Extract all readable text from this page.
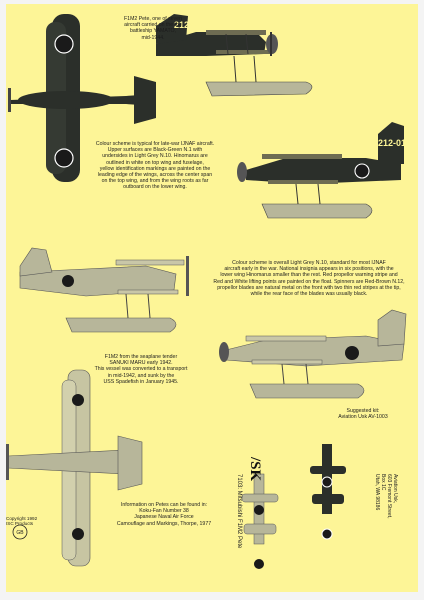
GB
212-01
212-01
F1M2 Pete, one of seven
aircraft carried on the the
battleship YAMATO,
mid-1944.
Colour scheme is typical for late-war IJNAF aircraft.
Upper surfaces are Black-Green N.1 with
undersides in Light Grey N.10. Hinomarus are
outlined in white on top wing and fuselage,
yellow identification markings are painted on the
leading edge of the wings, across the center span
on the top wing, and from the wing roots as far
outboard on the lower wing.
Colour scheme is overall Light Grey N.10, standard for most IJNAF
aircraft early in the war. National insignia appears in six positions, with the
lower wing Hinomarus smaller than the rest. Red propellor warning stripe and
Red and White lifting points are painted on the float. Spinners are Red-Brown N.12,
propellor blades are natural metal on the front with two thin red stripes at the tip,
while the rear face of the blades was usually black.
F1M2 from the seaplane tender
SANUKI MARU early 1942.
This vessel was converted to a transport
in mid-1942, and sunk by the
USS Spadefish in January 1945.
Suggested kit:
Aviation Usk AV-1003
Information on Petes can be found in:
Koku-Fan Number 38
Japanese Naval Air Force
Camouflage and Markings, Thorpe, 1977
Copyright 1992
ISC Products	7103: Mitsubishi F1M2 Pete
/SK
Aviation Usk,
603 Fremont Street,
Box 1C
Utah, WA 98186
